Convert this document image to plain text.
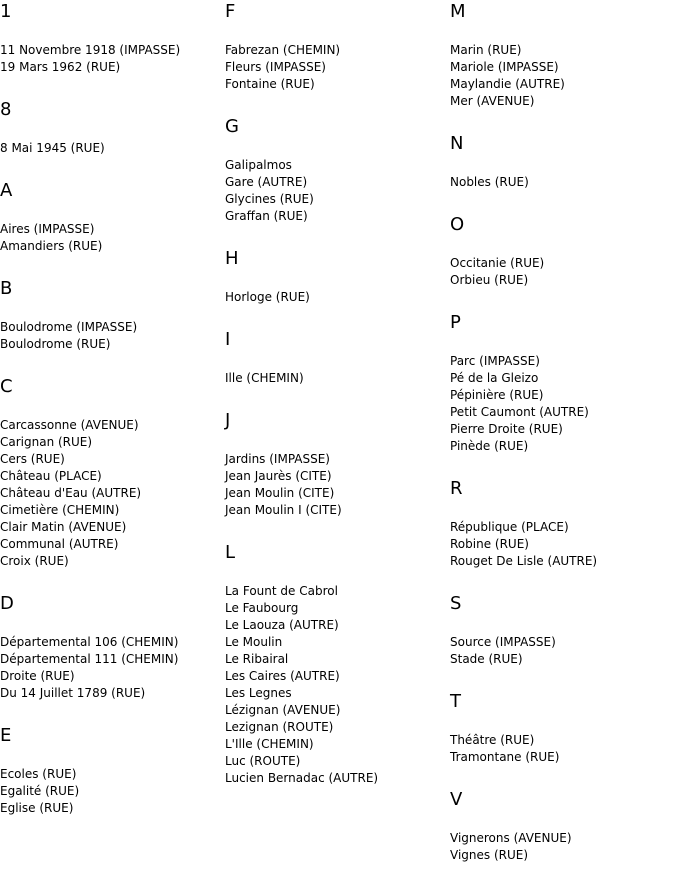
1
11 Novembre 1918 (IMPASSE)
19 Mars 1962 (RUE)
8
8 Mai 1945 (RUE)
A
Aires (IMPASSE)
Amandiers (RUE)
B
Boulodrome (IMPASSE)
Boulodrome (RUE)
C
Carcassonne (AVENUE)
Carignan (RUE)
Cers (RUE)
Château (PLACE)
Château d'Eau (AUTRE)
Cimetière (CHEMIN)
Clair Matin (AVENUE)
Communal (AUTRE)
Croix (RUE)
D
Départemental 106 (CHEMIN)
Départemental 111 (CHEMIN)
Droite (RUE)
Du 14 Juillet 1789 (RUE)
E
Ecoles (RUE)
Egalité (RUE)
Eglise (RUE)
F
Fabrezan (CHEMIN)
Fleurs (IMPASSE)
Fontaine (RUE)
G
Galipalmos
Gare (AUTRE)
Glycines (RUE)
Graffan (RUE)
H
Horloge (RUE)
I
Ille (CHEMIN)
J
Jardins (IMPASSE)
Jean Jaurès (CITE)
Jean Moulin (CITE)
Jean Moulin I (CITE)
L
La Fount de Cabrol
Le Faubourg
Le Laouza (AUTRE)
Le Moulin
Le Ribairal
Les Caires (AUTRE)
Les Legnes
Lézignan (AVENUE)
Lezignan (ROUTE)
L'Ille (CHEMIN)
Luc (ROUTE)
Lucien Bernadac (AUTRE)
M
Marin (RUE)
Mariole (IMPASSE)
Maylandie (AUTRE)
Mer (AVENUE)
N
Nobles (RUE)
O
Occitanie (RUE)
Orbieu (RUE)
P
Parc (IMPASSE)
Pé de la Gleizo
Pépinière (RUE)
Petit Caumont (AUTRE)
Pierre Droite (RUE)
Pinède (RUE)
R
République (PLACE)
Robine (RUE)
Rouget De Lisle (AUTRE)
S
Source (IMPASSE)
Stade (RUE)
T
Théâtre (RUE)
Tramontane (RUE)
V
Vignerons (AVENUE)
Vignes (RUE)
